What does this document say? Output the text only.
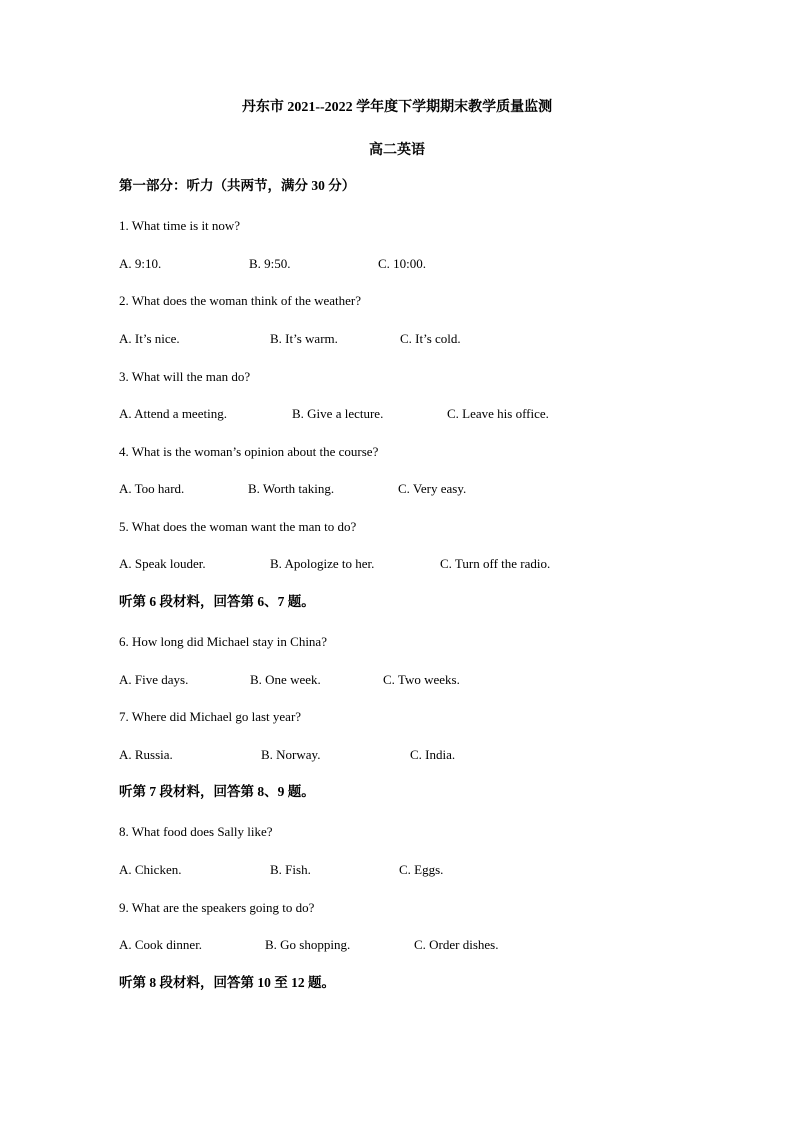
丹东市 2021--2022 学年度下学期期末教学质量监测
高二英语
第一部分：听力（共两节，满分 30 分）
1. What time is it now?
A. 9:10.	B. 9:50.	C. 10:00.
2. What does the woman think of the weather?
A. It’s nice.	B. It’s warm.	C. It’s cold.
3. What will the man do?
A. Attend a meeting.	B. Give a lecture.	C. Leave his office.
4. What is the woman’s opinion about the course?
A. Too hard.	B. Worth taking.	C. Very easy.
5. What does the woman want the man to do?
A. Speak louder.	B. Apologize to her.	C. Turn off the radio.
听第 6 段材料，回答第 6、7 题。
6. How long did Michael stay in China?
A. Five days.	B. One week.	C. Two weeks.
7. Where did Michael go last year?
A. Russia.	B. Norway.	C. India.
听第 7 段材料，回答第 8、9 题。
8. What food does Sally like?
A. Chicken.	B. Fish.	C. Eggs.
9. What are the speakers going to do?
A. Cook dinner.	B. Go shopping.	C. Order dishes.
听第 8 段材料，回答第 10 至 12 题。
